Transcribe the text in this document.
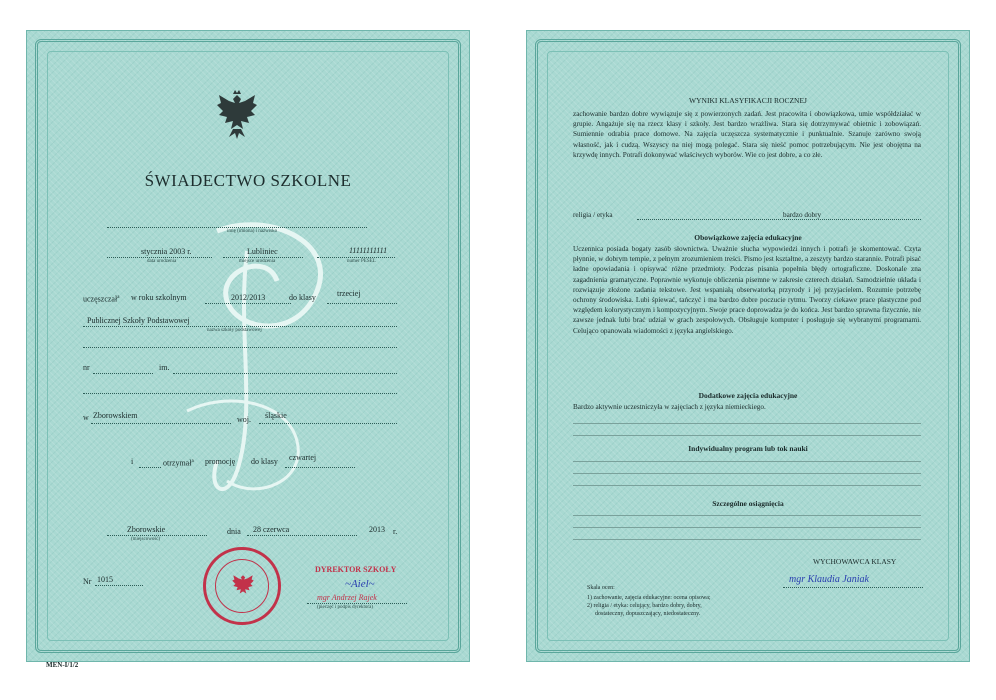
ŚWIADECTWO SZKOLNE
imię (imiona) i nazwisko
stycznia 2003 r.
data urodzenia
Lubliniec
miejsce urodzenia
11111111111
numer PESEL
uczęszczał$^a$ w roku szkolnym	2012/2013	do klasy	trzeciej
Publicznej Szkoły Podstawowej
nazwa szkoły podstawowej
nr	im.
w Zborowskiem	woj. śląskie
i	otrzymał$^a$ promocję do klasy czwartej
Zborowskie
(miejscowość)
dnia 28 czerwca	2013 r.
Nr 1015
DYREKTOR SZKOŁY
~Aiel~
mgr Andrzej Rajek
(pieczęć i podpis dyrektora)
MEN-I/1/2
WYNIKI KLASYFIKACJI ROCZNEJ
zachowanie bardzo dobre wywiązuje się z powierzonych zadań. Jest pracowita i obowiązkowa, umie współdziałać w grupie. Angażuje się na rzecz klasy i szkoły. Jest bardzo wrażliwa. Stara się dotrzymywać obietnic i zobowiązań. Sumiennie odrabia prace domowe. Na zajęcia uczęszcza systematycznie i punktualnie. Szanuje zarówno swoją własność, jak i cudzą. Wszyscy na niej mogą polegać. Stara się nieść pomoc potrzebującym. Nie jest obojętna na krzywdę innych. Potrafi dokonywać właściwych wyborów. Wie co jest dobre, a co złe.
religia / etyka	bardzo dobry
Obowiązkowe zajęcia edukacyjne
Uczennica posiada bogaty zasób słownictwa. Uważnie słucha wypowiedzi innych i potrafi je skomentować. Czyta płynnie, w dobrym tempie, z pełnym zrozumieniem treści. Pismo jest kształtne, a zeszyty bardzo starannie. Potrafi pisać ładne opowiadania i opisywać różne przedmioty. Podczas pisania popełnia błędy ortograficzne. Doskonale zna zagadnienia gramatyczne. Poprawnie wykonuje obliczenia pisemne w zakresie czterech działań. Samodzielnie układa i rozwiązuje złożone zadania tekstowe. Jest wspaniałą obserwatorką przyrody i jej przyjacielem. Rozumie potrzebę ochrony środowiska. Lubi śpiewać, tańczyć i ma bardzo dobre poczucie rytmu. Tworzy ciekawe prace plastyczne pod względem kolorystycznym i kompozycyjnym. Swoje prace doprowadza je do końca. Jest bardzo sprawna fizycznie, nie zawsze jednak lubi brać udział w grach zespołowych. Obsługuje komputer i posługuje się wybranymi programami. Celująco opanowała wiadomości z języka angielskiego.
Dodatkowe zajęcia edukacyjne
Bardzo aktywnie uczestniczyła w zajęciach z języka niemieckiego.
Indywidualny program lub tok nauki
Szczególne osiągnięcia
WYCHOWAWCA KLASY
mgr Klaudia Janiak
Skala ocen:
1) zachowanie, zajęcia edukacyjne: ocena opisowa;
2) religia / etyka: celujący, bardzo dobry, dobry,
dostateczny, dopuszczający, niedostateczny.
